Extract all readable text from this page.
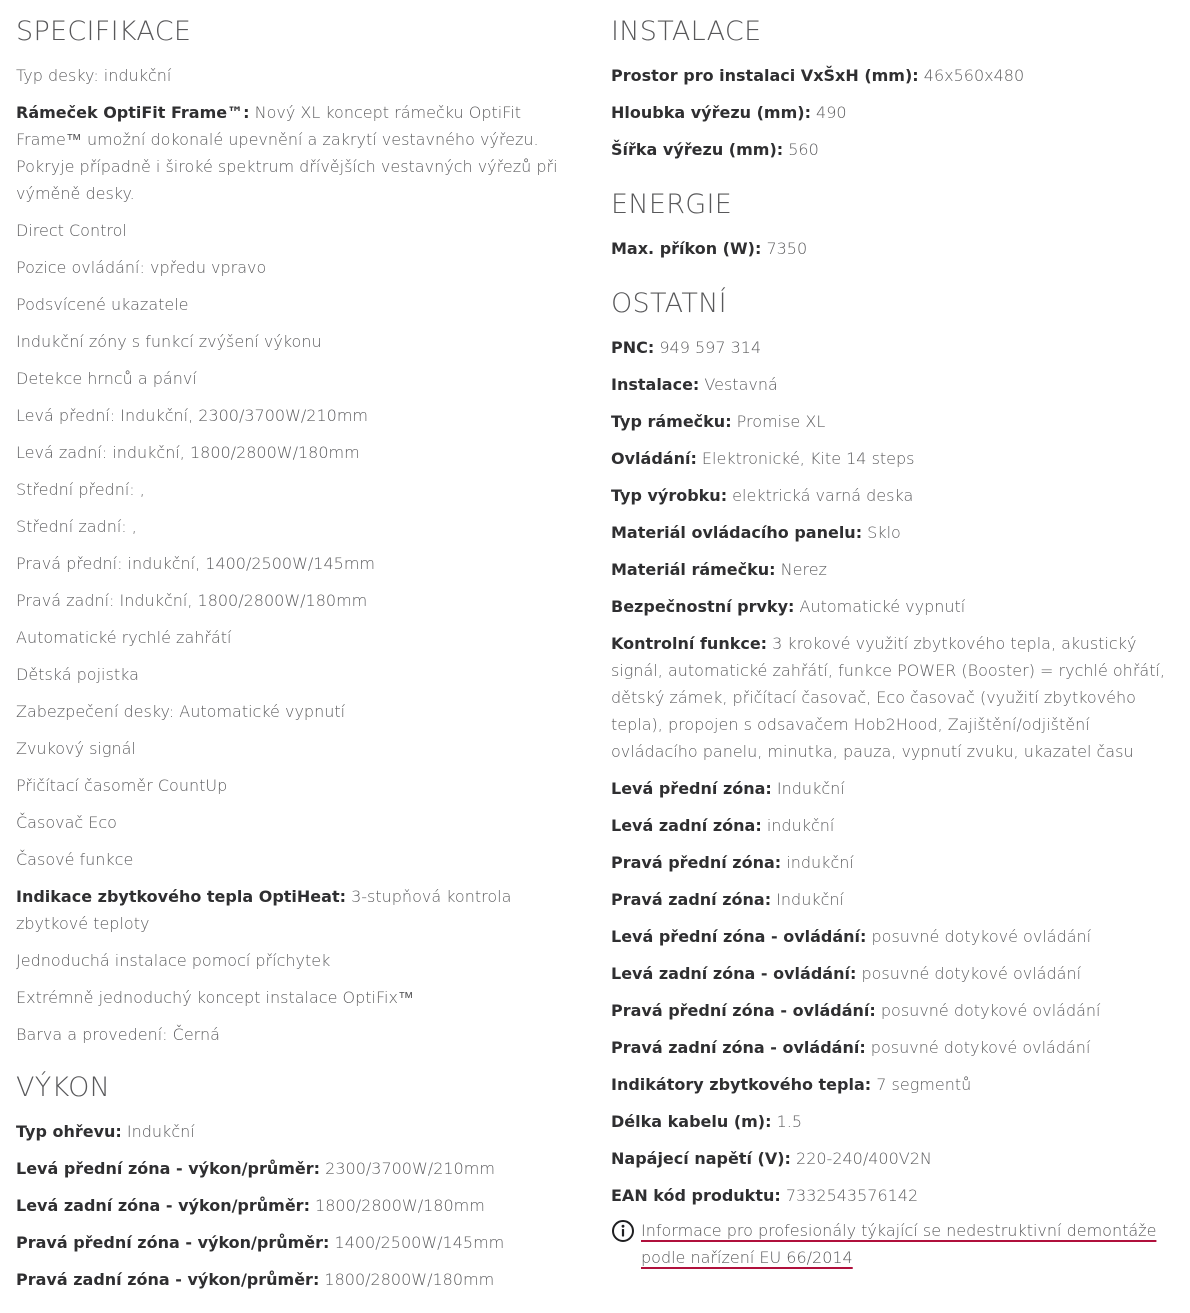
SPECIFIKACE
Typ desky: indukční
Rámeček OptiFit Frame™: Nový XL koncept rámečku OptiFit Frame™ umožní dokonalé upevnění a zakrytí vestavného výřezu. Pokryje případně i široké spektrum dřívějších vestavných výřezů při výměně desky.
Direct Control
Pozice ovládání: vpředu vpravo
Podsvícené ukazatele
Indukční zóny s funkcí zvýšení výkonu
Detekce hrnců a pánví
Levá přední: Indukční, 2300/3700W/210mm
Levá zadní: indukční, 1800/2800W/180mm
Střední přední: ,
Střední zadní: ,
Pravá přední: indukční, 1400/2500W/145mm
Pravá zadní: Indukční, 1800/2800W/180mm
Automatické rychlé zahřátí
Dětská pojistka
Zabezpečení desky: Automatické vypnutí
Zvukový signál
Přičítací časoměr CountUp
Časovač Eco
Časové funkce
Indikace zbytkového tepla OptiHeat: 3-stupňová kontrola zbytkové teploty
Jednoduchá instalace pomocí příchytek
Extrémně jednoduchý koncept instalace OptiFix™
Barva a provedení: Černá
VÝKON
Typ ohřevu: Indukční
Levá přední zóna - výkon/průměr: 2300/3700W/210mm
Levá zadní zóna - výkon/průměr: 1800/2800W/180mm
Pravá přední zóna - výkon/průměr: 1400/2500W/145mm
Pravá zadní zóna - výkon/průměr: 1800/2800W/180mm
INSTALACE
Prostor pro instalaci VxŠxH (mm): 46x560x480
Hloubka výřezu (mm): 490
Šířka výřezu (mm): 560
ENERGIE
Max. příkon (W): 7350
OSTATNÍ
PNC: 949 597 314
Instalace: Vestavná
Typ rámečku: Promise XL
Ovládání: Elektronické, Kite 14 steps
Typ výrobku: elektrická varná deska
Materiál ovládacího panelu: Sklo
Materiál rámečku: Nerez
Bezpečnostní prvky: Automatické vypnutí
Kontrolní funkce: 3 krokové využití zbytkového tepla, akustický signál, automatické zahřátí, funkce POWER (Booster) = rychlé ohřátí, dětský zámek, přičítací časovač, Eco časovač (využití zbytkového tepla), propojen s odsavačem Hob2Hood, Zajištění/odjištění ovládacího panelu, minutka, pauza, vypnutí zvuku, ukazatel času
Levá přední zóna: Indukční
Levá zadní zóna: indukční
Pravá přední zóna: indukční
Pravá zadní zóna: Indukční
Levá přední zóna - ovládání: posuvné dotykové ovládání
Levá zadní zóna - ovládání: posuvné dotykové ovládání
Pravá přední zóna - ovládání: posuvné dotykové ovládání
Pravá zadní zóna - ovládání: posuvné dotykové ovládání
Indikátory zbytkového tepla: 7 segmentů
Délka kabelu (m): 1.5
Napájecí napětí (V): 220-240/400V2N
EAN kód produktu: 7332543576142
Informace pro profesionály týkající se nedestruktivní demontáže podle nařízení EU 66/2014
